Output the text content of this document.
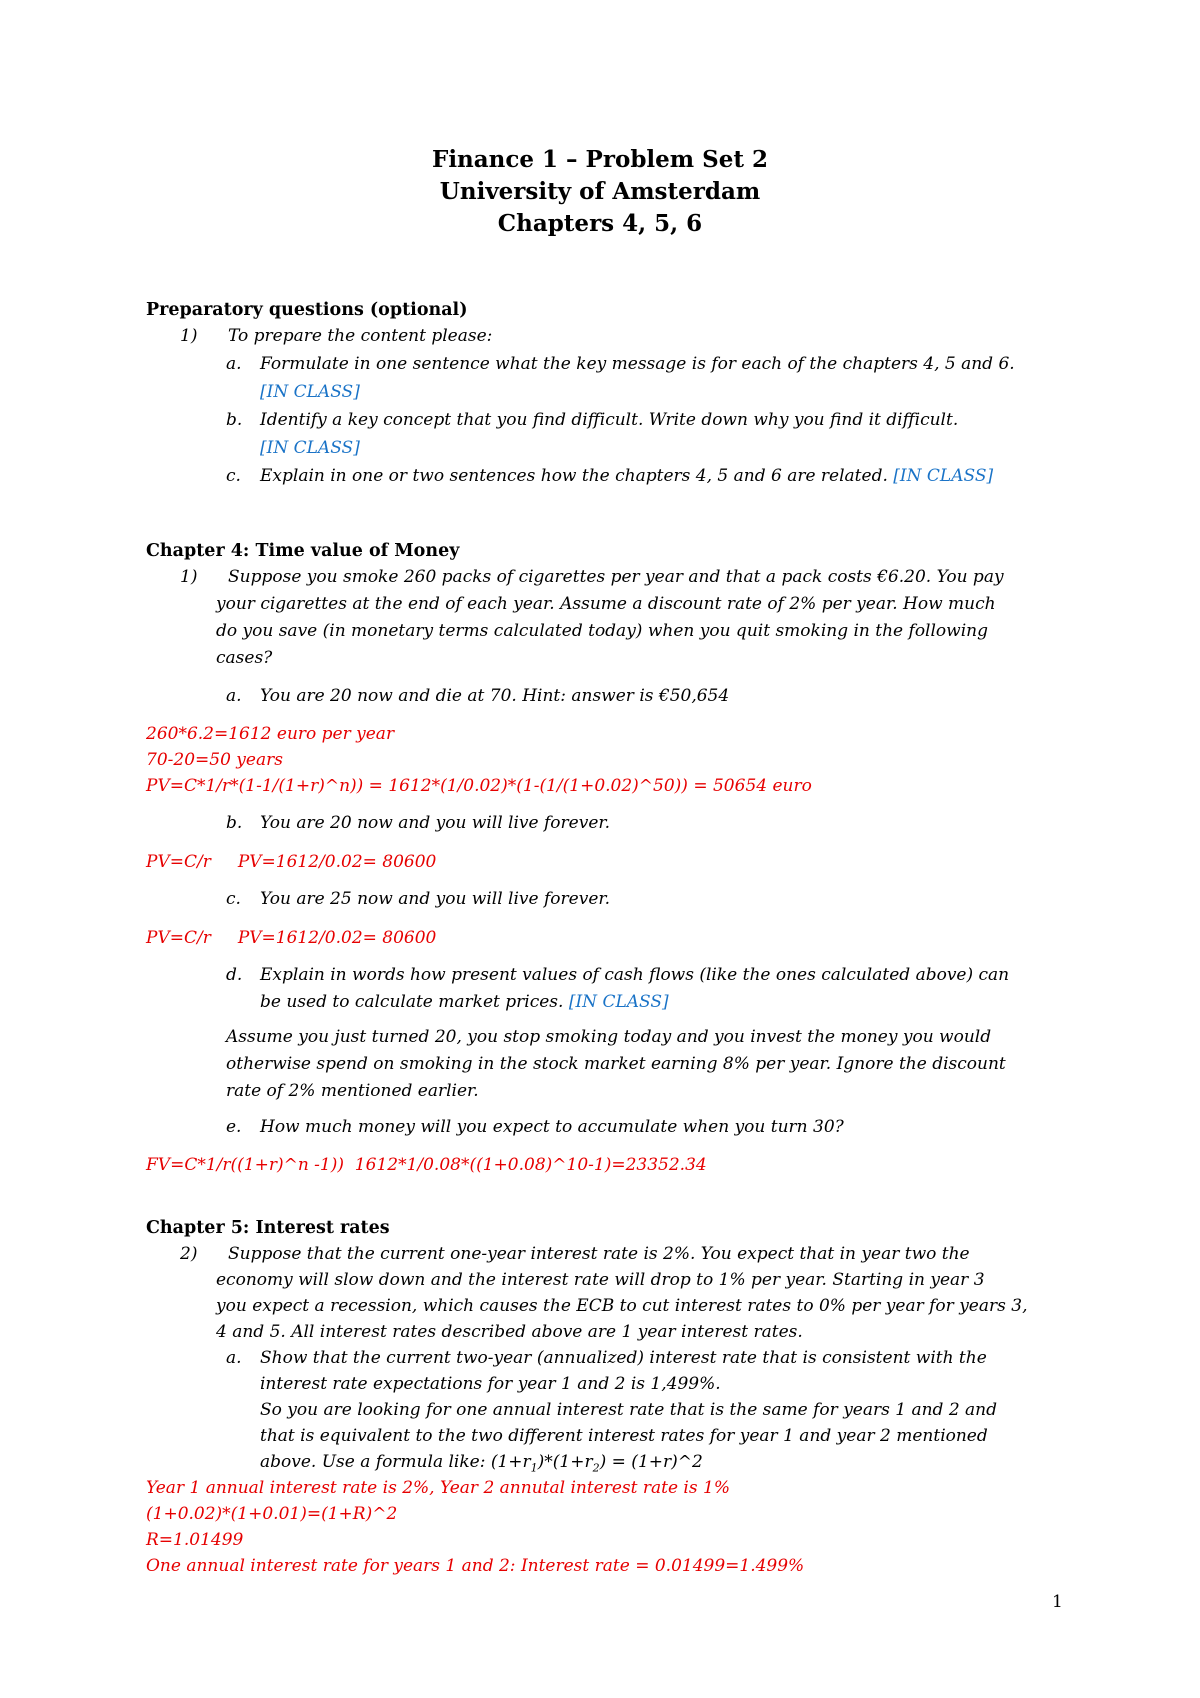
Finance 1 – Problem Set 2
University of Amsterdam
Chapters 4, 5, 6
Preparatory questions (optional)
1) To prepare the content please:
a. Formulate in one sentence what the key message is for each of the chapters 4, 5 and 6.
[IN CLASS]
b. Identify a key concept that you find difficult. Write down why you find it difficult.
[IN CLASS]
c. Explain in one or two sentences how the chapters 4, 5 and 6 are related. [IN CLASS]
Chapter 4: Time value of Money
1) Suppose you smoke 260 packs of cigarettes per year and that a pack costs €6.20. You pay
your cigarettes at the end of each year. Assume a discount rate of 2% per year. How much
do you save (in monetary terms calculated today) when you quit smoking in the following
cases?
a. You are 20 now and die at 70. Hint: answer is €50,654
260*6.2=1612 euro per year
70-20=50 years
PV=C*1/r*(1-1/(1+r)^n)) = 1612*(1/0.02)*(1-(1/(1+0.02)^50)) = 50654 euro
b. You are 20 now and you will live forever.
PV=C/r     PV=1612/0.02= 80600
c. You are 25 now and you will live forever.
PV=C/r     PV=1612/0.02= 80600
d. Explain in words how present values of cash flows (like the ones calculated above) can
be used to calculate market prices. [IN CLASS]
Assume you just turned 20, you stop smoking today and you invest the money you would
otherwise spend on smoking in the stock market earning 8% per year. Ignore the discount
rate of 2% mentioned earlier.
e. How much money will you expect to accumulate when you turn 30?
FV=C*1/r((1+r)^n -1))  1612*1/0.08*((1+0.08)^10-1)=23352.34
Chapter 5: Interest rates
2) Suppose that the current one-year interest rate is 2%. You expect that in year two the
economy will slow down and the interest rate will drop to 1% per year. Starting in year 3
you expect a recession, which causes the ECB to cut interest rates to 0% per year for years 3,
4 and 5. All interest rates described above are 1 year interest rates.
a. Show that the current two-year (annualized) interest rate that is consistent with the
interest rate expectations for year 1 and 2 is 1,499%.
So you are looking for one annual interest rate that is the same for years 1 and 2 and
that is equivalent to the two different interest rates for year 1 and year 2 mentioned
above. Use a formula like: $(1+r_1)*(1+r_2)$ = (1+r)^2
Year 1 annual interest rate is 2%, Year 2 annutal interest rate is 1%
(1+0.02)*(1+0.01)=(1+R)^2
R=1.01499
One annual interest rate for years 1 and 2: Interest rate = 0.01499=1.499%
1
